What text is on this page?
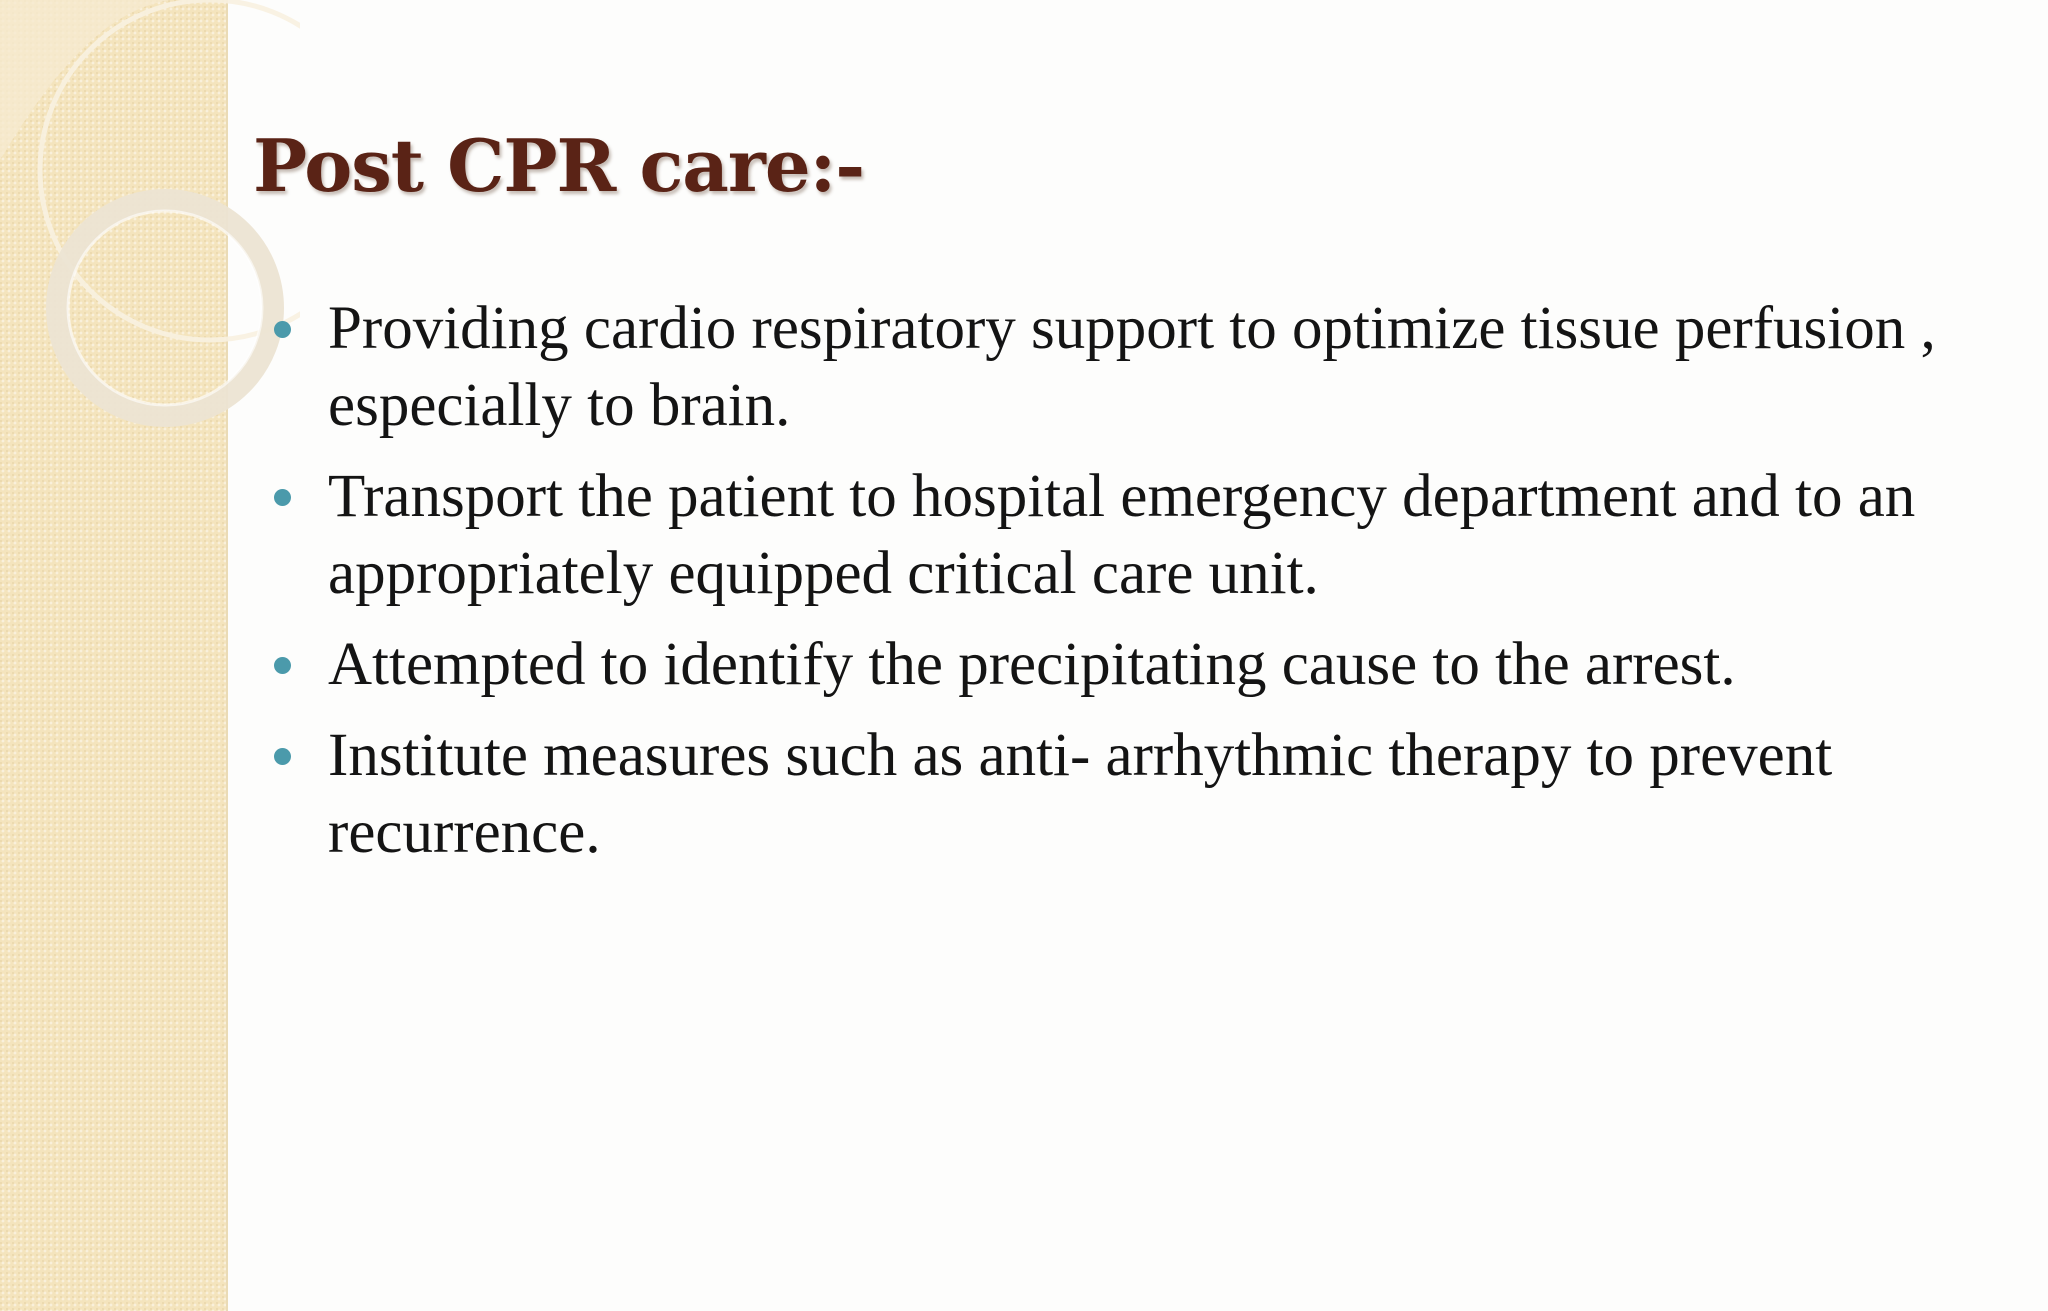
Post CPR care:-
Providing cardio respiratory support to optimize tissue perfusion , especially to brain.
Transport the patient to hospital emergency department and to an appropriately equipped critical care unit.
Attempted to identify the precipitating cause to the arrest.
Institute measures such as anti- arrhythmic therapy to prevent recurrence.
